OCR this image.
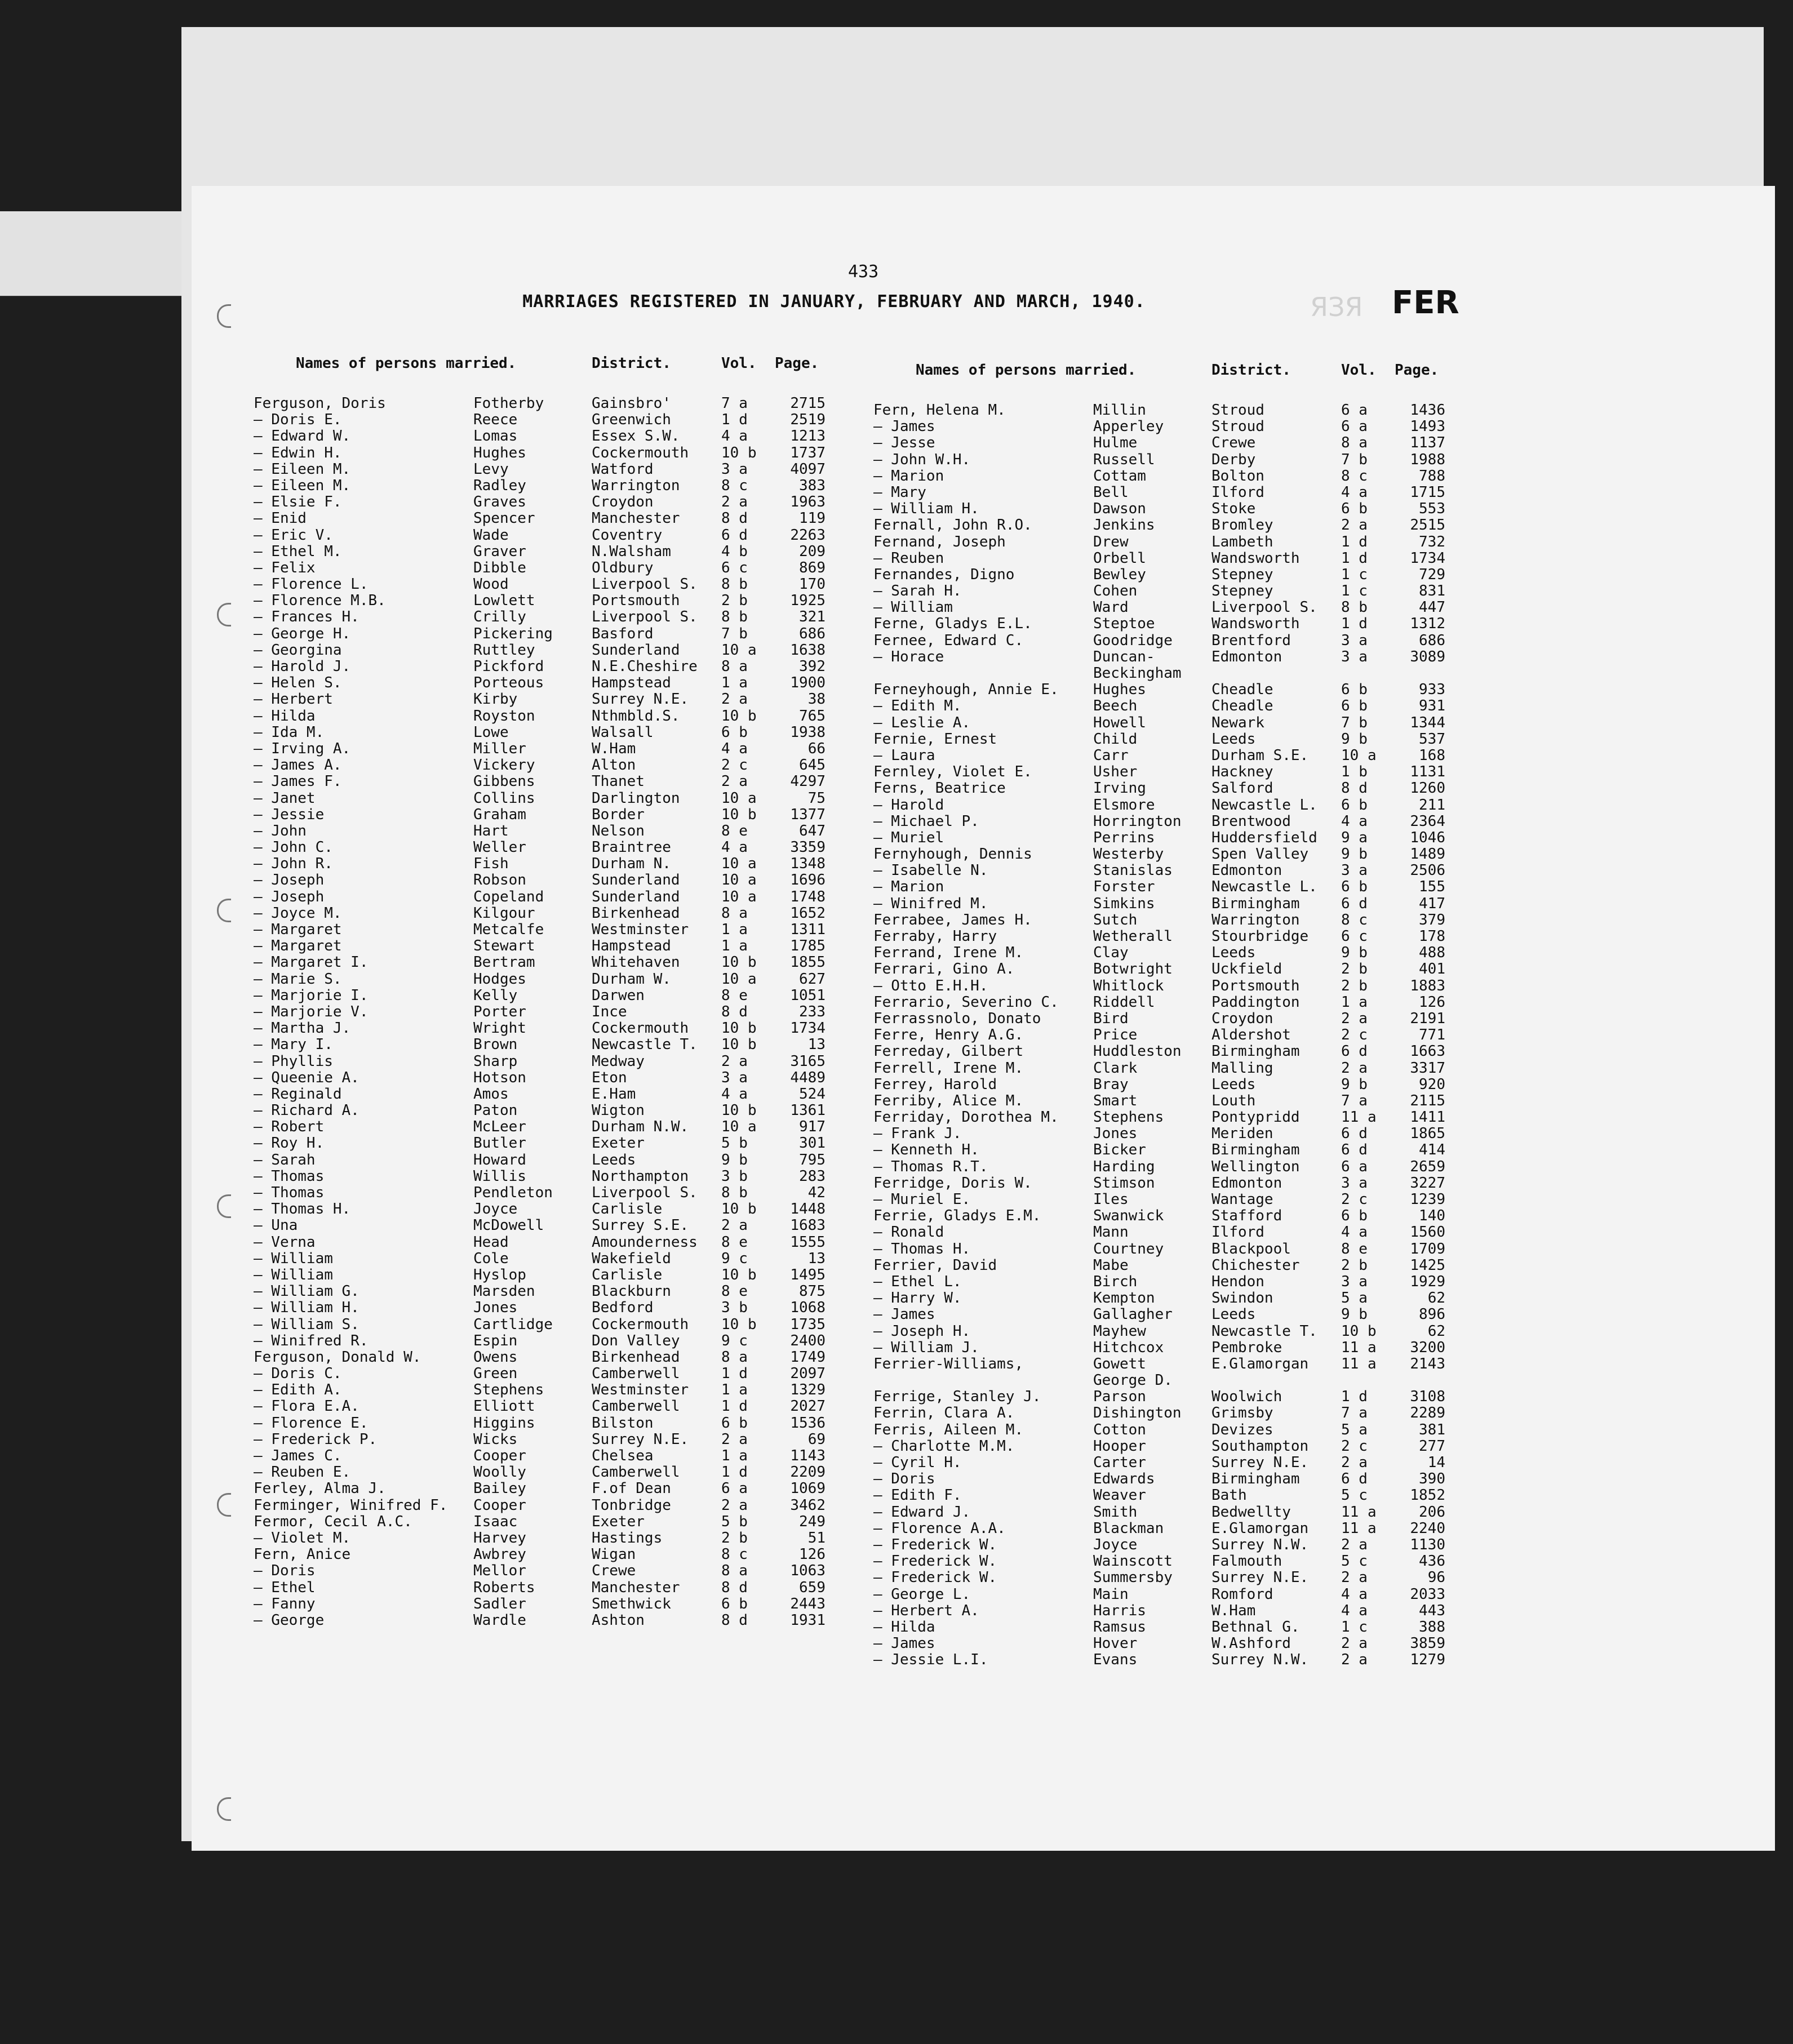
433
MARRIAGES REGISTERED IN JANUARY, FEBRUARY AND MARCH, 1940.	ЯЗЯ FER
Names of persons married.	District.	Vol.	Page.
Ferguson, Doris	Fotherby	Gainsbro'	7 a	2715
— Doris E.	Reece	Greenwich	1 d	2519
— Edward W.	Lomas	Essex S.W.	4 a	1213
— Edwin H.	Hughes	Cockermouth	10 b	1737
— Eileen M.	Levy	Watford	3 a	4097
— Eileen M.	Radley	Warrington	8 c	383
— Elsie F.	Graves	Croydon	2 a	1963
— Enid	Spencer	Manchester	8 d	119
— Eric V.	Wade	Coventry	6 d	2263
— Ethel M.	Graver	N.Walsham	4 b	209
— Felix	Dibble	Oldbury	6 c	869
— Florence L.	Wood	Liverpool S.	8 b	170
— Florence M.B.	Lowlett	Portsmouth	2 b	1925
— Frances H.	Crilly	Liverpool S.	8 b	321
— George H.	Pickering	Basford	7 b	686
— Georgina	Ruttley	Sunderland	10 a	1638
— Harold J.	Pickford	N.E.Cheshire	8 a	392
— Helen S.	Porteous	Hampstead	1 a	1900
— Herbert	Kirby	Surrey N.E.	2 a	38
— Hilda	Royston	Nthmbld.S.	10 b	765
— Ida M.	Lowe	Walsall	6 b	1938
— Irving A.	Miller	W.Ham	4 a	66
— James A.	Vickery	Alton	2 c	645
— James F.	Gibbens	Thanet	2 a	4297
— Janet	Collins	Darlington	10 a	75
— Jessie	Graham	Border	10 b	1377
— John	Hart	Nelson	8 e	647
— John C.	Weller	Braintree	4 a	3359
— John R.	Fish	Durham N.	10 a	1348
— Joseph	Robson	Sunderland	10 a	1696
— Joseph	Copeland	Sunderland	10 a	1748
— Joyce M.	Kilgour	Birkenhead	8 a	1652
— Margaret	Metcalfe	Westminster	1 a	1311
— Margaret	Stewart	Hampstead	1 a	1785
— Margaret I.	Bertram	Whitehaven	10 b	1855
— Marie S.	Hodges	Durham W.	10 a	627
— Marjorie I.	Kelly	Darwen	8 e	1051
— Marjorie V.	Porter	Ince	8 d	233
— Martha J.	Wright	Cockermouth	10 b	1734
— Mary I.	Brown	Newcastle T.	10 b	13
— Phyllis	Sharp	Medway	2 a	3165
— Queenie A.	Hotson	Eton	3 a	4489
— Reginald	Amos	E.Ham	4 a	524
— Richard A.	Paton	Wigton	10 b	1361
— Robert	McLeer	Durham N.W.	10 a	917
— Roy H.	Butler	Exeter	5 b	301
— Sarah	Howard	Leeds	9 b	795
— Thomas	Willis	Northampton	3 b	283
— Thomas	Pendleton	Liverpool S.	8 b	42
— Thomas H.	Joyce	Carlisle	10 b	1448
— Una	McDowell	Surrey S.E.	2 a	1683
— Verna	Head	Amounderness	8 e	1555
— William	Cole	Wakefield	9 c	13
— William	Hyslop	Carlisle	10 b	1495
— William G.	Marsden	Blackburn	8 e	875
— William H.	Jones	Bedford	3 b	1068
— William S.	Cartlidge	Cockermouth	10 b	1735
— Winifred R.	Espin	Don Valley	9 c	2400
Ferguson, Donald W.	Owens	Birkenhead	8 a	1749
— Doris C.	Green	Camberwell	1 d	2097
— Edith A.	Stephens	Westminster	1 a	1329
— Flora E.A.	Elliott	Camberwell	1 d	2027
— Florence E.	Higgins	Bilston	6 b	1536
— Frederick P.	Wicks	Surrey N.E.	2 a	69
— James C.	Cooper	Chelsea	1 a	1143
— Reuben E.	Woolly	Camberwell	1 d	2209
Ferley, Alma J.	Bailey	F.of Dean	6 a	1069
Ferminger, Winifred F.	Cooper	Tonbridge	2 a	3462
Fermor, Cecil A.C.	Isaac	Exeter	5 b	249
— Violet M.	Harvey	Hastings	2 b	51
Fern, Anice	Awbrey	Wigan	8 c	126
— Doris	Mellor	Crewe	8 a	1063
— Ethel	Roberts	Manchester	8 d	659
— Fanny	Sadler	Smethwick	6 b	2443
— George	Wardle	Ashton	8 d	1931
Names of persons married.	District.	Vol.	Page.
Fern, Helena M.	Millin	Stroud	6 a	1436
— James	Apperley	Stroud	6 a	1493
— Jesse	Hulme	Crewe	8 a	1137
— John W.H.	Russell	Derby	7 b	1988
— Marion	Cottam	Bolton	8 c	788
— Mary	Bell	Ilford	4 a	1715
— William H.	Dawson	Stoke	6 b	553
Fernall, John R.O.	Jenkins	Bromley	2 a	2515
Fernand, Joseph	Drew	Lambeth	1 d	732
— Reuben	Orbell	Wandsworth	1 d	1734
Fernandes, Digno	Bewley	Stepney	1 c	729
— Sarah H.	Cohen	Stepney	1 c	831
— William	Ward	Liverpool S.	8 b	447
Ferne, Gladys E.L.	Steptoe	Wandsworth	1 d	1312
Fernee, Edward C.	Goodridge	Brentford	3 a	686
— Horace	Duncan-	Edmonton	3 a	3089
Beckingham
Ferneyhough, Annie E.	Hughes	Cheadle	6 b	933
— Edith M.	Beech	Cheadle	6 b	931
— Leslie A.	Howell	Newark	7 b	1344
Fernie, Ernest	Child	Leeds	9 b	537
— Laura	Carr	Durham S.E.	10 a	168
Fernley, Violet E.	Usher	Hackney	1 b	1131
Ferns, Beatrice	Irving	Salford	8 d	1260
— Harold	Elsmore	Newcastle L.	6 b	211
— Michael P.	Horrington	Brentwood	4 a	2364
— Muriel	Perrins	Huddersfield	9 a	1046
Fernyhough, Dennis	Westerby	Spen Valley	9 b	1489
— Isabelle N.	Stanislas	Edmonton	3 a	2506
— Marion	Forster	Newcastle L.	6 b	155
— Winifred M.	Simkins	Birmingham	6 d	417
Ferrabee, James H.	Sutch	Warrington	8 c	379
Ferraby, Harry	Wetherall	Stourbridge	6 c	178
Ferrand, Irene M.	Clay	Leeds	9 b	488
Ferrari, Gino A.	Botwright	Uckfield	2 b	401
— Otto E.H.H.	Whitlock	Portsmouth	2 b	1883
Ferrario, Severino C.	Riddell	Paddington	1 a	126
Ferrassnolo, Donato	Bird	Croydon	2 a	2191
Ferre, Henry A.G.	Price	Aldershot	2 c	771
Ferreday, Gilbert	Huddleston	Birmingham	6 d	1663
Ferrell, Irene M.	Clark	Malling	2 a	3317
Ferrey, Harold	Bray	Leeds	9 b	920
Ferriby, Alice M.	Smart	Louth	7 a	2115
Ferriday, Dorothea M.	Stephens	Pontypridd	11 a	1411
— Frank J.	Jones	Meriden	6 d	1865
— Kenneth H.	Bicker	Birmingham	6 d	414
— Thomas R.T.	Harding	Wellington	6 a	2659
Ferridge, Doris W.	Stimson	Edmonton	3 a	3227
— Muriel E.	Iles	Wantage	2 c	1239
Ferrie, Gladys E.M.	Swanwick	Stafford	6 b	140
— Ronald	Mann	Ilford	4 a	1560
— Thomas H.	Courtney	Blackpool	8 e	1709
Ferrier, David	Mabe	Chichester	2 b	1425
— Ethel L.	Birch	Hendon	3 a	1929
— Harry W.	Kempton	Swindon	5 a	62
— James	Gallagher	Leeds	9 b	896
— Joseph H.	Mayhew	Newcastle T.	10 b	62
— William J.	Hitchcox	Pembroke	11 a	3200
Ferrier-Williams,	Gowett	E.Glamorgan	11 a	2143
George D.
Ferrige, Stanley J.	Parson	Woolwich	1 d	3108
Ferrin, Clara A.	Dishington	Grimsby	7 a	2289
Ferris, Aileen M.	Cotton	Devizes	5 a	381
— Charlotte M.M.	Hooper	Southampton	2 c	277
— Cyril H.	Carter	Surrey N.E.	2 a	14
— Doris	Edwards	Birmingham	6 d	390
— Edith F.	Weaver	Bath	5 c	1852
— Edward J.	Smith	Bedwellty	11 a	206
— Florence A.A.	Blackman	E.Glamorgan	11 a	2240
— Frederick W.	Joyce	Surrey N.W.	2 a	1130
— Frederick W.	Wainscott	Falmouth	5 c	436
— Frederick W.	Summersby	Surrey N.E.	2 a	96
— George L.	Main	Romford	4 a	2033
— Herbert A.	Harris	W.Ham	4 a	443
— Hilda	Ramsus	Bethnal G.	1 c	388
— James	Hover	W.Ashford	2 a	3859
— Jessie L.I.	Evans	Surrey N.W.	2 a	1279
